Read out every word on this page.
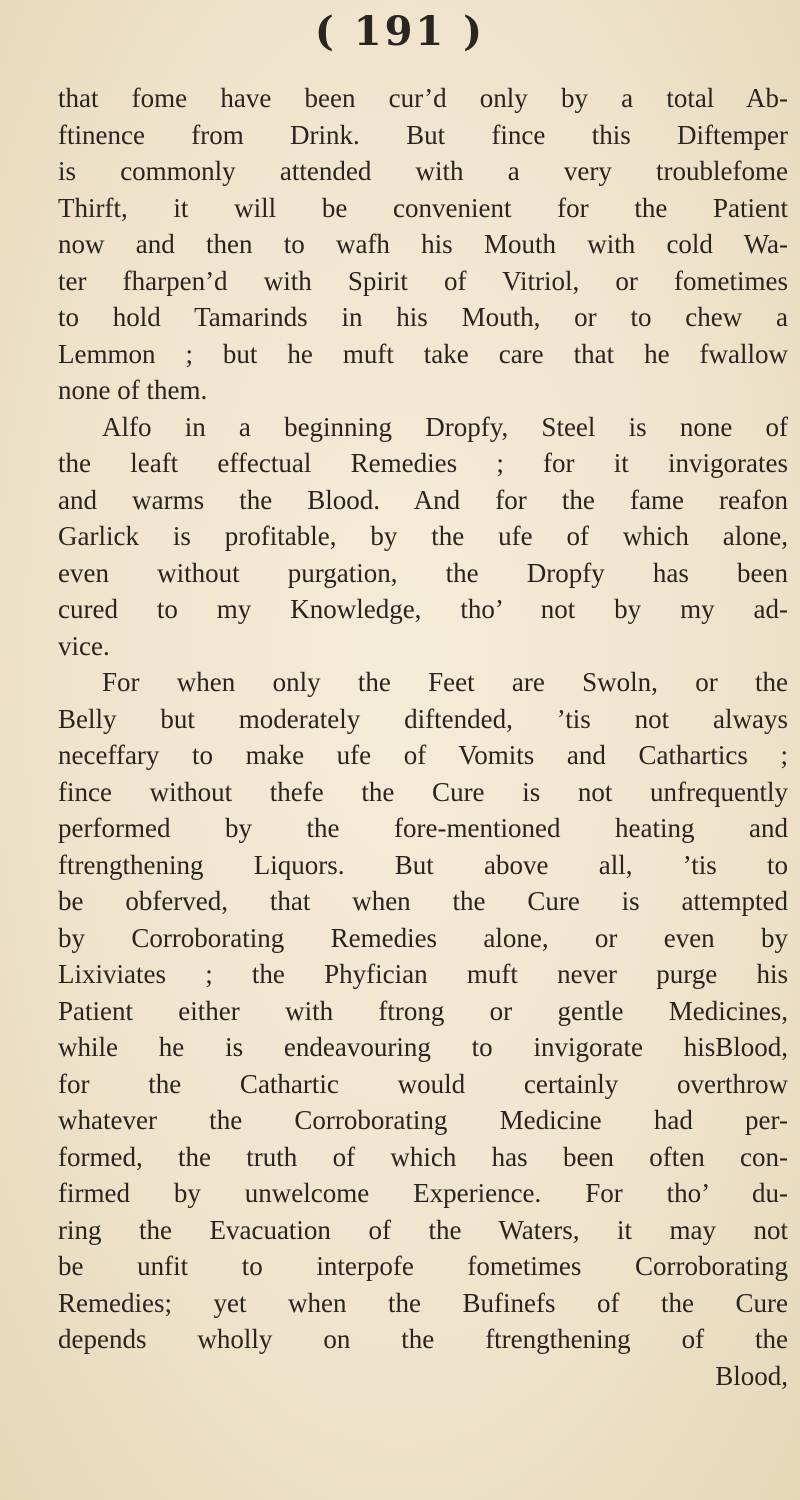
( 191 )
that fome have been cur’d only by a total Ab-
ftinence from Drink. But fince this Diftemper
is commonly attended with a very troublefome
Thirft, it will be convenient for the Patient
now and then to wafh his Mouth with cold Wa-
ter fharpen’d with Spirit of Vitriol, or fometimes
to hold Tamarinds in his Mouth, or to chew a
Lemmon ; but he muft take care that he fwallow
none of them.
Alfo in a beginning Dropfy, Steel is none of
the leaft effectual Remedies ; for it invigorates
and warms the Blood. And for the fame reafon
Garlick is profitable, by the ufe of which alone,
even without purgation, the Dropfy has been
cured to my Knowledge, tho’ not by my ad-
vice.
For when only the Feet are Swoln, or the
Belly but moderately diftended, ’tis not always
neceffary to make ufe of Vomits and Cathartics ;
fince without thefe the Cure is not unfrequently
performed by the fore-mentioned heating and
ftrengthening Liquors. But above all, ’tis to
be obferved, that when the Cure is attempted
by Corroborating Remedies alone, or even by
Lixiviates ; the Phyfician muft never purge his
Patient either with ftrong or gentle Medicines,
while he is endeavouring to invigorate hisBlood,
for the Cathartic would certainly overthrow
whatever the Corroborating Medicine had per-
formed, the truth of which has been often con-
firmed by unwelcome Experience. For tho’ du-
ring the Evacuation of the Waters, it may not
be unfit to interpofe fometimes Corroborating
Remedies; yet when the Bufinefs of the Cure
depends wholly on the ftrengthening of the
Blood,
